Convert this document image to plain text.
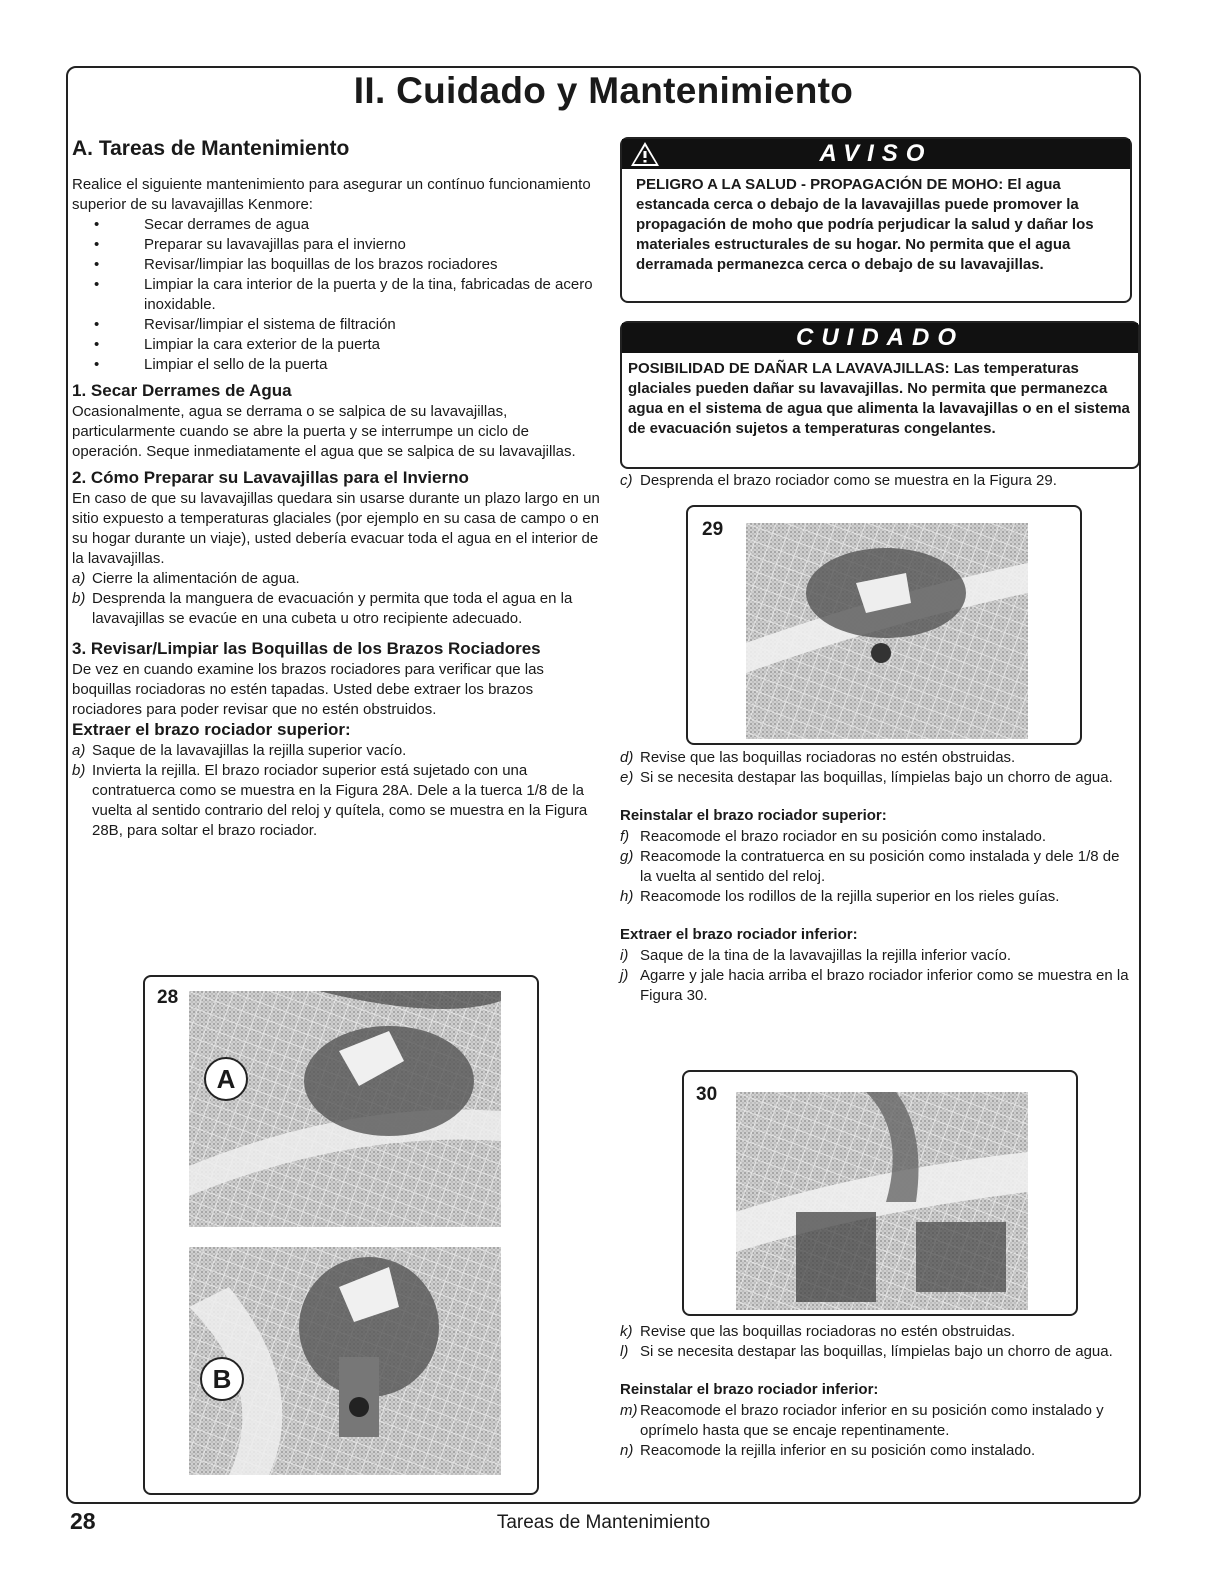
II. Cuidado y Mantenimiento
A. Tareas de Mantenimiento

Realice el siguiente mantenimiento para asegurar un contínuo funcionamiento superior de su lavavajillas Kenmore:

• Secar derrames de agua
• Preparar su lavavajillas para el invierno
• Revisar/limpiar las boquillas de los brazos rociadores
• Limpiar la cara interior de la puerta y de la tina, fabricadas de acero inoxidable.
• Revisar/limpiar el sistema de filtración
• Limpiar la cara exterior de la puerta
• Limpiar el sello de la puerta
1. Secar Derrames de Agua

Ocasionalmente, agua se derrama o se salpica de su lavavajillas, particularmente cuando se abre la puerta y se interrumpe un ciclo de operación. Seque inmediatamente el agua que se salpica de su lavavajillas.

2. Cómo Preparar su Lavavajillas para el Invierno

En caso de que su lavavajillas quedara sin usarse durante un plazo largo en un sitio expuesto a temperaturas glaciales (por ejemplo en su casa de campo o en su hogar durante un viaje), usted debería evacuar toda el agua en el interior de la lavavajillas.

a) Cierre la alimentación de agua.
b) Desprenda la manguera de evacuación y permita que toda el agua en la lavavajillas se evacúe en una cubeta u otro recipiente adecuado.
3. Revisar/Limpiar las Boquillas de los Brazos Rociadores

De vez en cuando examine los brazos rociadores para verificar que las boquillas rociadoras no estén tapadas. Usted debe extraer los brazos rociadores para poder revisar que no estén obstruidos.

Extraer el brazo rociador superior:
a) Saque de la lavavajillas la rejilla superior vacío.
b) Invierta la rejilla. El brazo rociador superior está sujetado con una contratuerca como se muestra en la Figura 28A. Dele a la tuerca 1/8 de la vuelta al sentido contrario del reloj y quítela, como se muestra en la Figura 28B, para soltar el brazo rociador.
28
A
B
AVISO
PELIGRO A LA SALUD - PROPAGACIÓN DE MOHO: El agua estancada cerca o debajo de la lavavajillas puede promover la propagación de moho que podría perjudicar la salud y dañar los materiales estructurales de su hogar. No permita que el agua derramada permanezca cerca o debajo de su lavavajillas.
CUIDADO
POSIBILIDAD DE DAÑAR LA LAVAVAJILLAS: Las temperaturas glaciales pueden dañar su lavavajillas. No permita que permanezca agua en el sistema de agua que alimenta la lavavajillas o en el sistema de evacuación sujetos a temperaturas congelantes.
c) Desprenda el brazo rociador como se muestra en la Figura 29.
29
d) Revise que las boquillas rociadoras no estén obstruidas.
e) Si se necesita destapar las boquillas, límpielas bajo un chorro de agua.
Reinstalar el brazo rociador superior:
f) Reacomode el brazo rociador en su posición como instalado.
g) Reacomode la contratuerca en su posición como instalada y dele 1/8 de la vuelta al sentido del reloj.
h) Reacomode los rodillos de la rejilla superior en los rieles guías.
Extraer el brazo rociador inferior:
i) Saque de la tina de la lavavajillas la rejilla inferior vacío.
j) Agarre y jale hacia arriba el brazo rociador inferior como se muestra en la Figura 30.
30
k) Revise que las boquillas rociadoras no estén obstruidas.
l) Si se necesita destapar las boquillas, límpielas bajo un chorro de agua.
Reinstalar el brazo rociador inferior:
m) Reacomode el brazo rociador inferior en su posición como instalado y oprímelo hasta que se encaje repentinamente.
n) Reacomode la rejilla inferior en su posición como instalado.
28	Tareas de Mantenimiento
